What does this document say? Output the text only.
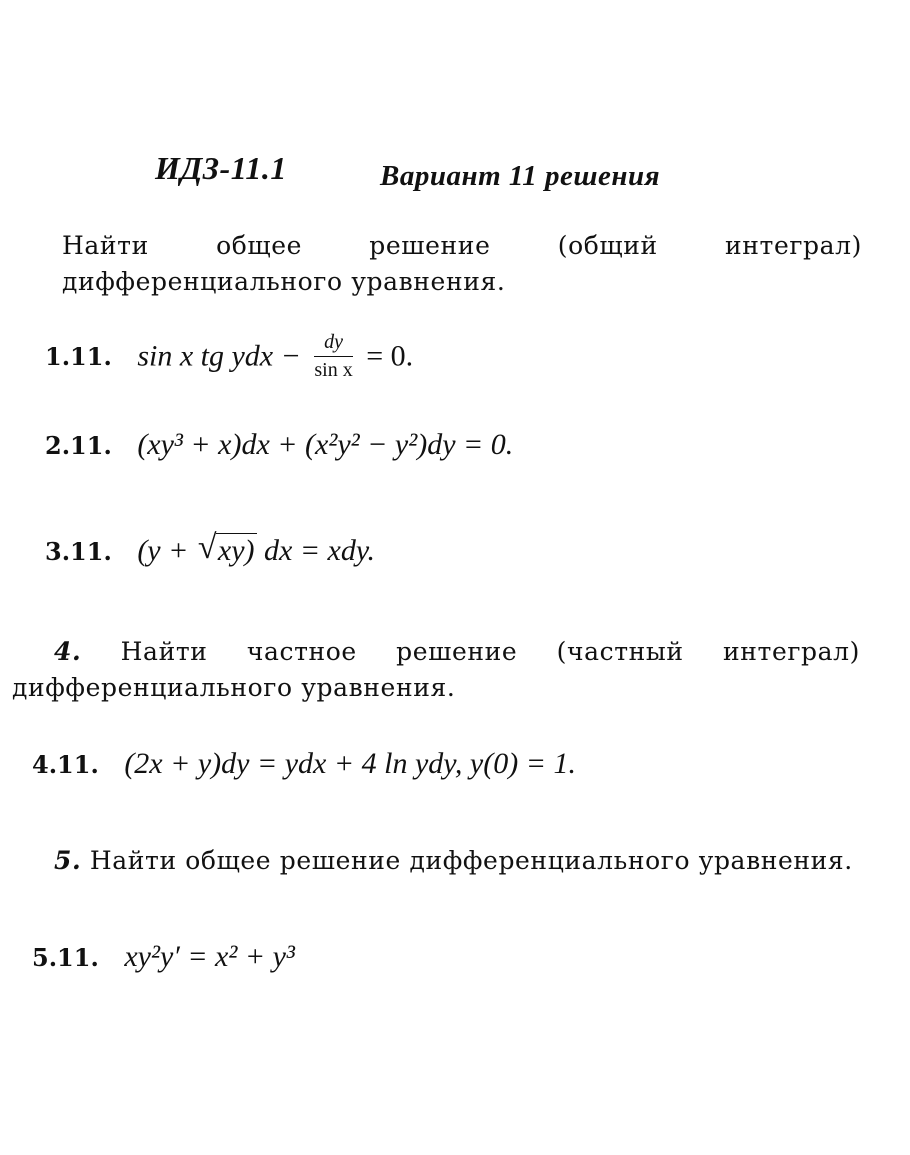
ИДЗ-11.1	Вариант 11 решения
Найти общее решение (общий интеграл) дифференциального уравнения.
1.11. sin x tg ydx − $\frac{dy}{\text{sin x}} = 0$.
2.11. (xy³ + x)dx + (x²y² − y²)dy = 0.
3.11. (y + √ xy) dx = xdy.
4. Найти частное решение (частный интеграл) дифференциального уравнения.
4.11. (2x + y)dy = ydx + 4 ln ydy, y(0) = 1.
5. Найти общее решение дифференциального уравнения.
5.11. xy²y′ = x² + y³
